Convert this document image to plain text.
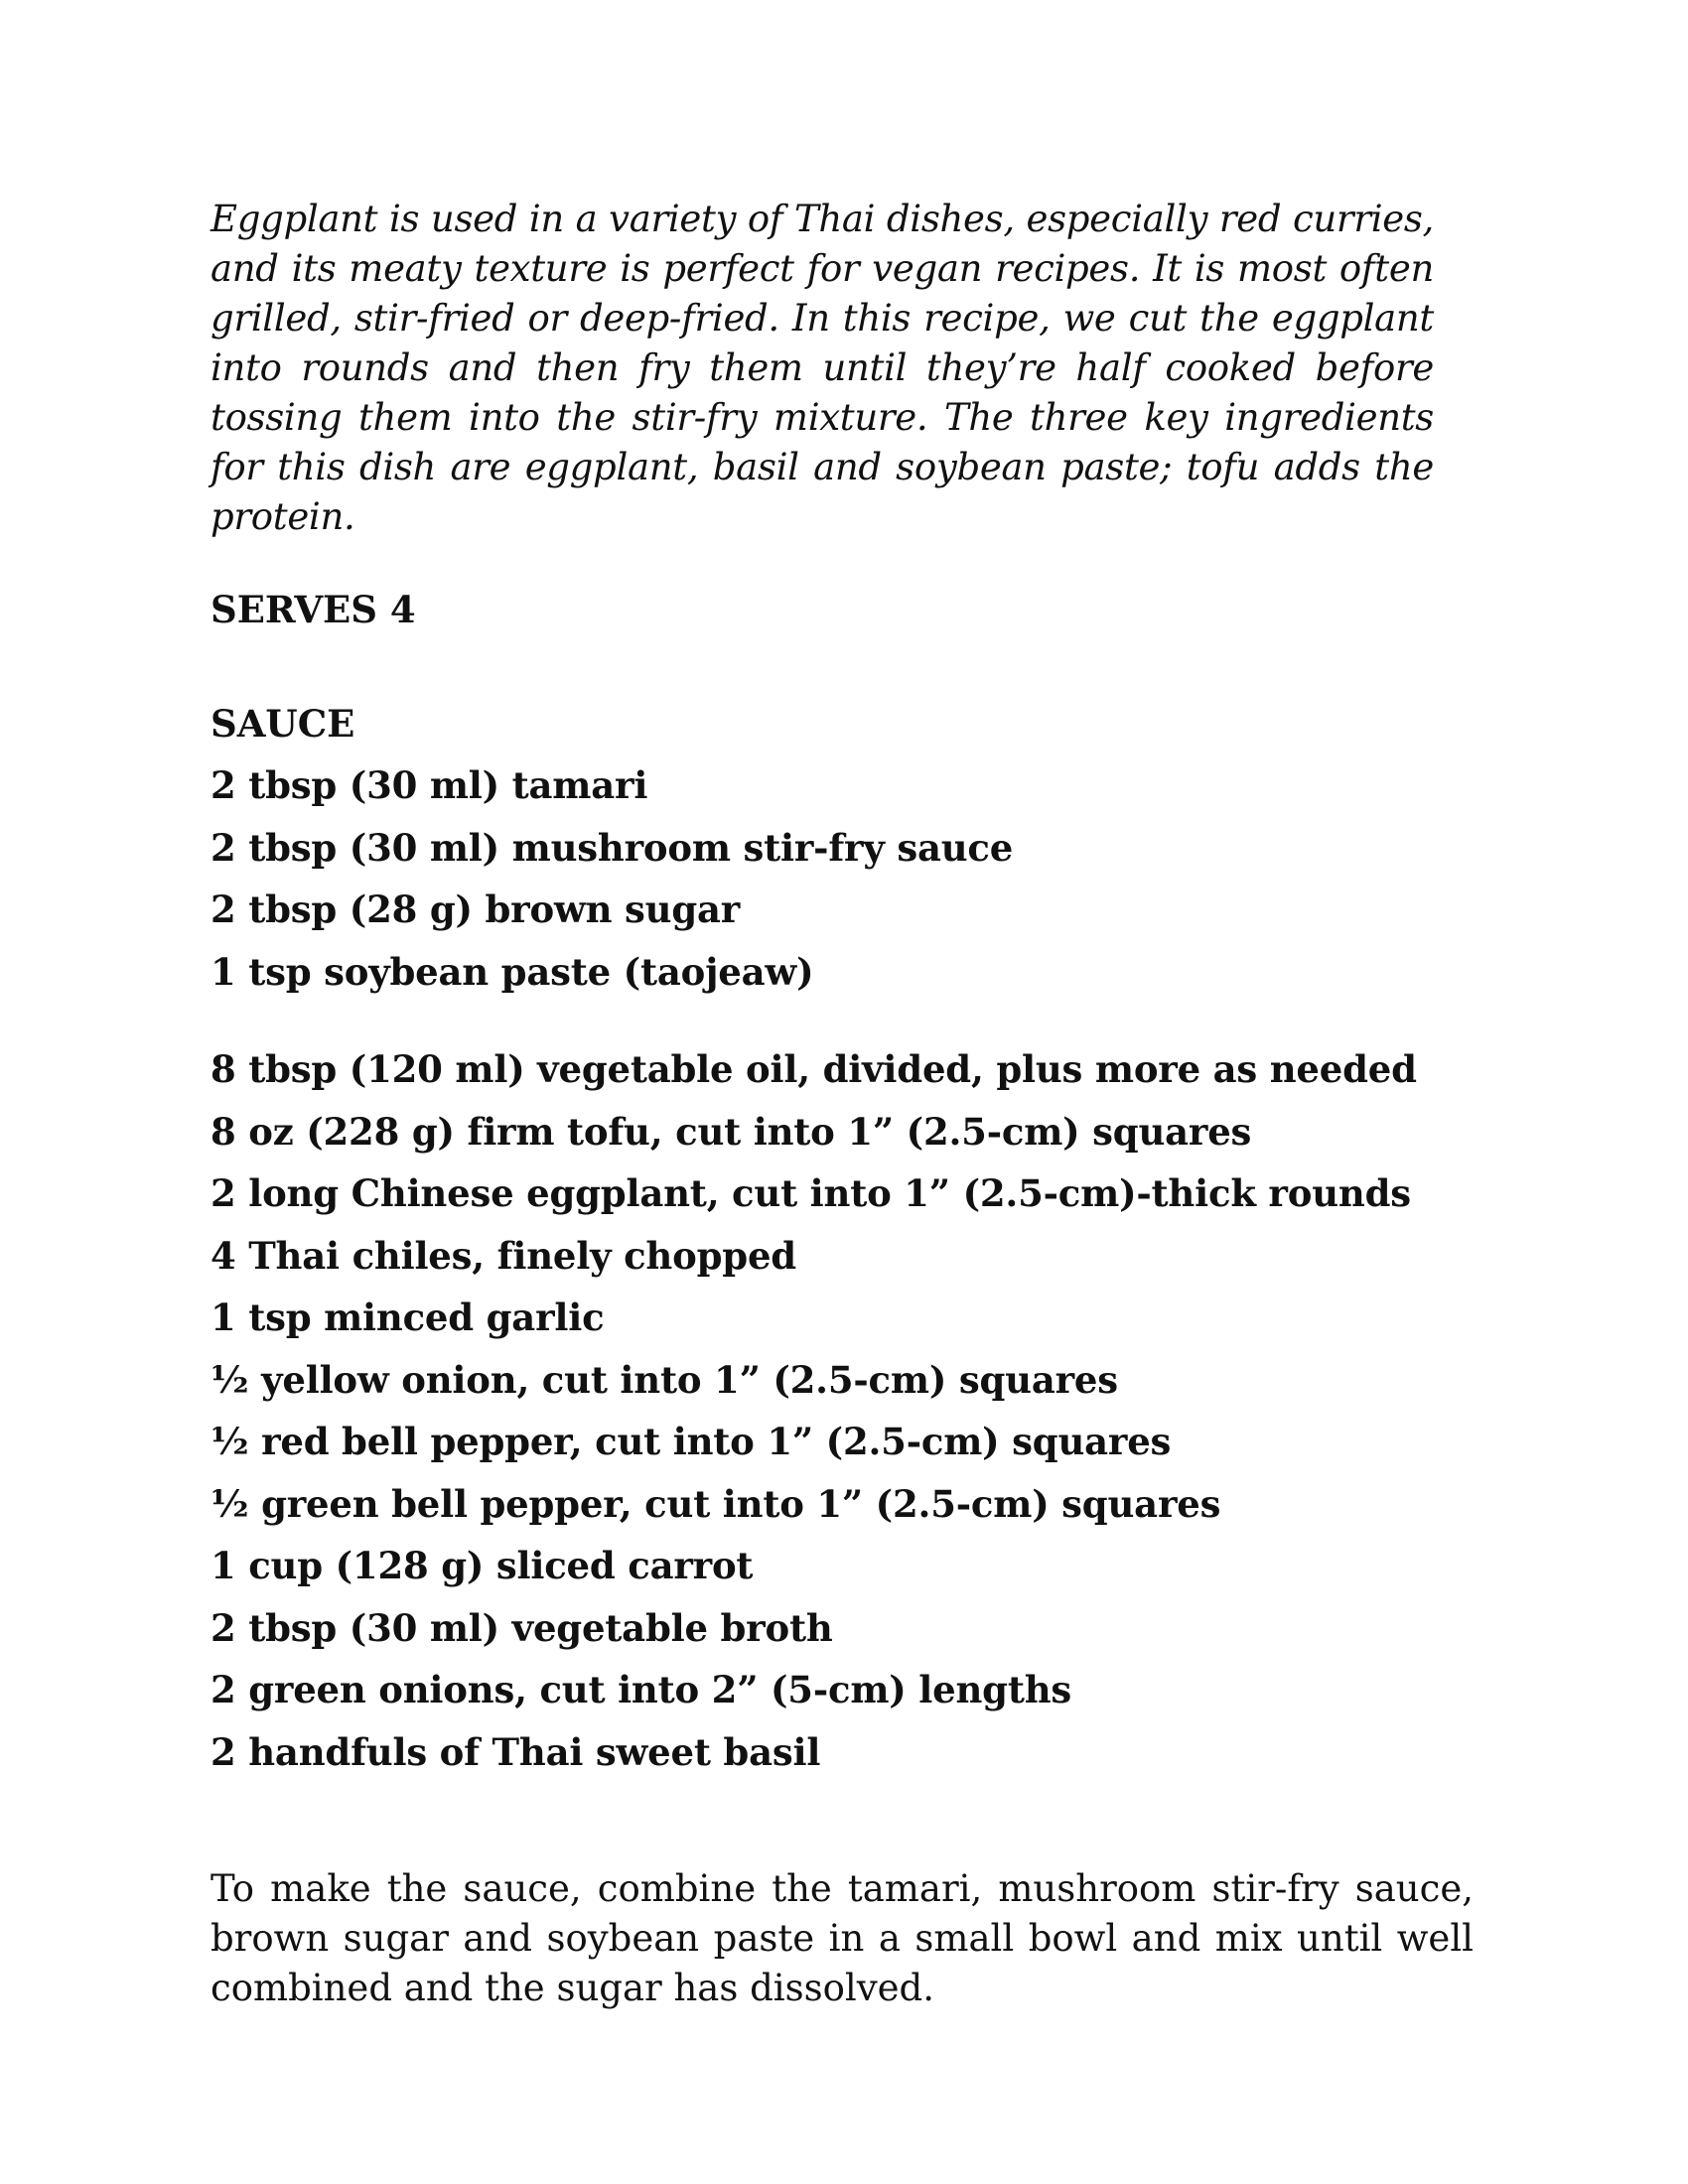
Eggplant is used in a variety of Thai dishes, especially red curries, and its meaty texture is perfect for vegan recipes. It is most often grilled, stir-fried or deep-fried. In this recipe, we cut the eggplant into rounds and then fry them until they’re half cooked before tossing them into the stir-fry mixture. The three key ingredients for this dish are eggplant, basil and soybean paste; tofu adds the protein.

SERVES 4
SAUCE
2 tbsp (30 ml) tamari
2 tbsp (30 ml) mushroom stir-fry sauce
2 tbsp (28 g) brown sugar
1 tsp soybean paste (taojeaw)
8 tbsp (120 ml) vegetable oil, divided, plus more as needed
8 oz (228 g) firm tofu, cut into 1” (2.5-cm) squares
2 long Chinese eggplant, cut into 1” (2.5-cm)-thick rounds
4 Thai chiles, finely chopped
1 tsp minced garlic
½ yellow onion, cut into 1” (2.5-cm) squares
½ red bell pepper, cut into 1” (2.5-cm) squares
½ green bell pepper, cut into 1” (2.5-cm) squares
1 cup (128 g) sliced carrot
2 tbsp (30 ml) vegetable broth
2 green onions, cut into 2” (5-cm) lengths
2 handfuls of Thai sweet basil

To make the sauce, combine the tamari, mushroom stir-fry sauce, brown sugar and soybean paste in a small bowl and mix until well combined and the sugar has dissolved.
